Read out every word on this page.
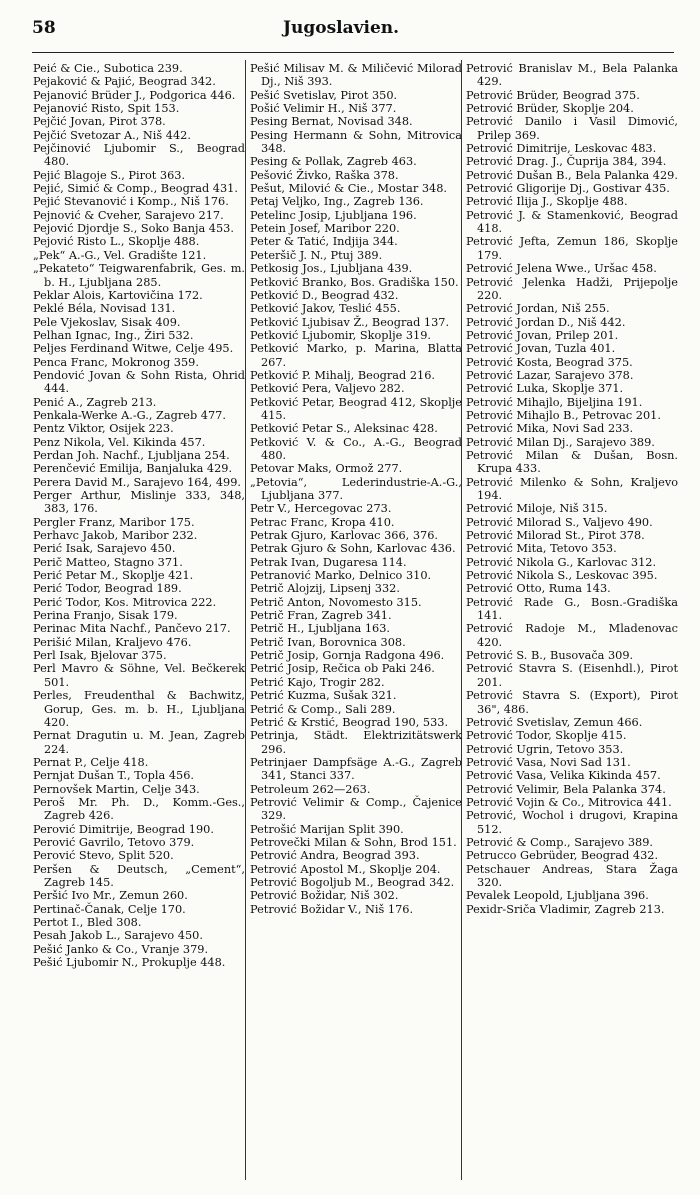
58	Jugoslavien.
Peić & Cie., Subotica 239.
Pejaković & Pajić, Beograd 342.
Pejanović Brüder J., Podgorica 446.
Pejanović Risto, Spit 153.
Pejčić Jovan, Pirot 378.
Pejčić Svetozar A., Niš 442.
Pejčinović Ljubomir S., Beograd 480.
Pejić Blagoje S., Pirot 363.
Pejić, Simić & Comp., Beograd 431.
Pejić Stevanović i Komp., Niš 176.
Pejnović & Cveher, Sarajevo 217.
Pejović Djordje S., Soko Banja 453.
Pejović Risto L., Skoplje 488.
„Pek“ A.-G., Vel. Gradište 121.
„Pekateto“ Teigwarenfabrik, Ges. m. b. H., Ljubljana 285.
Peklar Alois, Kartovičina 172.
Peklé Béla, Novisad 131.
Pele Vjekoslav, Sisak 409.
Pelhan Ignac, Ing., Žiri 532.
Peljes Ferdinand Witwe, Celje 495.
Penca Franc, Mokronog 359.
Pendović Jovan & Sohn Rista, Ohrid 444.
Penić A., Zagreb 213.
Penkala-Werke A.-G., Zagreb 477.
Pentz Viktor, Osijek 223.
Penz Nikola, Vel. Kikinda 457.
Perdan Joh. Nachf., Ljubljana 254.
Perenčević Emilija, Banjaluka 429.
Perera David M., Sarajevo 164, 499.
Perger Arthur, Mislinje 333, 348, 383, 176.
Pergler Franz, Maribor 175.
Perhavc Jakob, Maribor 232.
Perić Isak, Sarajevo 450.
Perič Matteo, Stagno 371.
Perić Petar M., Skoplje 421.
Perić Todor, Beograd 189.
Perić Todor, Kos. Mitrovica 222.
Perina Franjo, Sisak 179.
Perinac Mita Nachf., Pančevo 217.
Perišić Milan, Kraljevo 476.
Perl Isak, Bjelovar 375.
Perl Mavro & Söhne, Vel. Bečkerek 501.
Perles, Freudenthal & Bachwitz, Gorup, Ges. m. b. H., Ljubljana 420.
Pernat Dragutin u. M. Jean, Zagreb 224.
Pernat P., Celje 418.
Pernjat Dušan T., Topla 456.
Pernovšek Martin, Celje 343.
Peroš Mr. Ph. D., Komm.-Ges., Zagreb 426.
Perović Dimitrije, Beograd 190.
Perović Gavrilo, Tetovo 379.
Perović Stevo, Split 520.
Peršen & Deutsch, „Cement“, Zagreb 145.
Peršić Ivo Mr., Zemun 260.
Pertinač-Čanak, Celje 170.
Pertot I., Bled 308.
Pesah Jakob L., Sarajevo 450.
Pešić Janko & Co., Vranje 379.
Pešić Ljubomir N., Prokuplje 448.
Pešić Milisav M. & Miličević Milorad Dj., Niš 393.
Pešić Svetislav, Pirot 350.
Pošić Velimir H., Niš 377.
Pesing Bernat, Novisad 348.
Pesing Hermann & Sohn, Mitrovica 348.
Pesing & Pollak, Zagreb 463.
Pešović Živko, Raška 378.
Pešut, Milović & Cie., Mostar 348.
Petaj Veljko, Ing., Zagreb 136.
Petelinc Josip, Ljubljana 196.
Petein Josef, Maribor 220.
Peter & Tatić, Indjija 344.
Peteršič J. N., Ptuj 389.
Petkosig Jos., Ljubljana 439.
Petković Branko, Bos. Gradiška 150.
Petković D., Beograd 432.
Petković Jakov, Teslić 455.
Petković Ljubisav Ž., Beograd 137.
Petković Ljubomir, Skoplje 319.
Petković Marko, p. Marina, Blatta 267.
Petković P. Mihalj, Beograd 216.
Petković Pera, Valjevo 282.
Petković Petar, Beograd 412, Skoplje 415.
Petković Petar S., Aleksinac 428.
Petković V. & Co., A.-G., Beograd 480.
Petovar Maks, Ormož 277.
„Petovia“, Lederindustrie-A.-G., Ljubljana 377.
Petr V., Hercegovac 273.
Petrac Franc, Kropa 410.
Petrak Gjuro, Karlovac 366, 376.
Petrak Gjuro & Sohn, Karlovac 436.
Petrak Ivan, Dugaresa 114.
Petranović Marko, Delnico 310.
Petrič Alojzij, Lipsenj 332.
Petrič Anton, Novomesto 315.
Petrič Fran, Zagreb 341.
Petrič H., Ljubljana 163.
Petrič Ivan, Borovnica 308.
Petrič Josip, Gornja Radgona 496.
Petrić Josip, Rečica ob Paki 246.
Petrić Kajo, Trogir 282.
Petrić Kuzma, Sušak 321.
Petrić & Comp., Sali 289.
Petrić & Krstić, Beograd 190, 533.
Petrinja, Städt. Elektrizitätswerk 296.
Petrinjaer Dampfsäge A.-G., Zagreb 341, Stanci 337.
Petroleum 262—263.
Petrović Velimir & Comp., Čajenice 329.
Petrošić Marijan Split 390.
Petrovečki Milan & Sohn, Brod 151.
Petrović Andra, Beograd 393.
Petrović Apostol M., Skoplje 204.
Petrović Bogoljub M., Beograd 342.
Petrović Božidar, Niš 302.
Petrović Božidar V., Niš 176.
Petrović Branislav M., Bela Palanka 429.
Petrović Brüder, Beograd 375.
Petrović Brüder, Skoplje 204.
Petrović Danilo i Vasil Dimović, Prilep 369.
Petrović Dimitrije, Leskovac 483.
Petrović Drag. J., Čuprija 384, 394.
Petrović Dušan B., Bela Palanka 429.
Petrović Gligorije Dj., Gostivar 435.
Petrović Ilija J., Skoplje 488.
Petrović J. & Stamenković, Beograd 418.
Petrović Jefta, Zemun 186, Skoplje 179.
Petrović Jelena Wwe., Uršac 458.
Petrović Jelenka Hadži, Prijepolje 220.
Petrović Jordan, Niš 255.
Petrović Jordan D., Niš 442.
Petrović Jovan, Prilep 201.
Petrović Jovan, Tuzla 401.
Petrović Kosta, Beograd 375.
Petrović Lazar, Sarajevo 378.
Petrović Luka, Skoplje 371.
Petrović Mihajlo, Bijeljina 191.
Petrović Mihajlo B., Petrovac 201.
Petrović Mika, Novi Sad 233.
Petrović Milan Dj., Sarajevo 389.
Petrović Milan & Dušan, Bosn. Krupa 433.
Petrović Milenko & Sohn, Kraljevo 194.
Petrović Miloje, Niš 315.
Petrović Milorad S., Valjevo 490.
Petrović Milorad St., Pirot 378.
Petrović Mita, Tetovo 353.
Petrović Nikola G., Karlovac 312.
Petrović Nikola S., Leskovac 395.
Petrović Otto, Ruma 143.
Petrović Rade G., Bosn.-Gradiška 141.
Petrović Radoje M., Mladenovac 420.
Petrović S. B., Busovača 309.
Petrović Stavra S. (Eisenhdl.), Pirot 201.
Petrović Stavra S. (Export), Pirot 36", 486.
Petrović Svetislav, Zemun 466.
Petrović Todor, Skoplje 415.
Petrović Ugrin, Tetovo 353.
Petrović Vasa, Novi Sad 131.
Petrović Vasa, Velika Kikinda 457.
Petrović Velimir, Bela Palanka 374.
Petrović Vojin & Co., Mitrovica 441.
Petrović, Wochol i drugovi, Krapina 512.
Petrović & Comp., Sarajevo 389.
Petrucco Gebrüder, Beograd 432.
Petschauer Andreas, Stara Žaga 320.
Pevalek Leopold, Ljubljana 396.
Pexidr-Sriča Vladimir, Zagreb 213.
